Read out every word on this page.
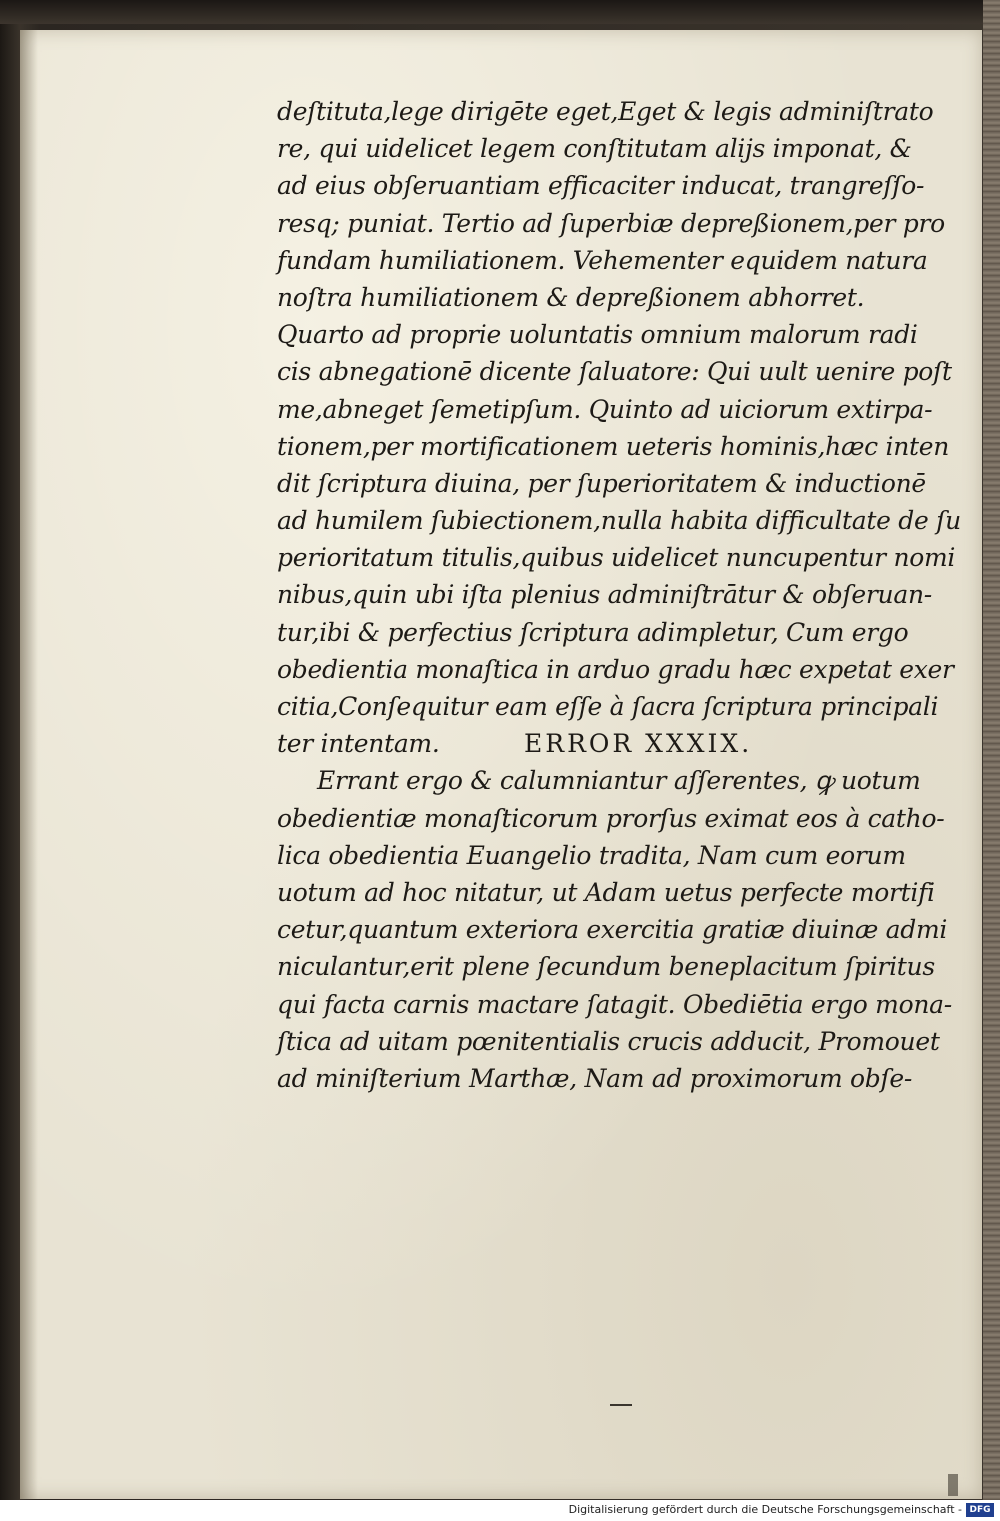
deſtituta,lege dirigēte eget,Eget & legis adminiſtrato
re, qui uidelicet legem conſtitutam alijs imponat, &
ad eius obſeruantiam efficaciter inducat, trangreſſo-
resq; puniat. Tertio ad ſuperbiæ depreßionem,per pro
fundam humiliationem. Vehementer equidem natura
noſtra humiliationem & depreßionem abhorret.
Quarto ad proprie uoluntatis omnium malorum radi
cis abnegationē dicente ſaluatore: Qui uult uenire poſt
me,abneget ſemetipſum. Quinto ad uiciorum extirpa-
tionem,per mortificationem ueteris hominis,hæc inten
dit ſcriptura diuina, per ſuperioritatem & inductionē
ad humilem ſubiectionem,nulla habita difficultate de ſu
perioritatum titulis,quibus uidelicet nuncupentur nomi
nibus,quin ubi iſta plenius adminiſtrātur & obſeruan-
tur,ibi & perfectius ſcriptura adimpletur, Cum ergo
obedientia monaſtica in arduo gradu hæc expetat exer
citia,Conſequitur eam eſſe à ſacra ſcriptura principali
ter intentam.	ERROR XXXIX.
Errant ergo & calumniantur aſſerentes, ꝙ uotum
obedientiæ monaſticorum prorſus eximat eos à catho-
lica obedientia Euangelio tradita, Nam cum eorum
uotum ad hoc nitatur, ut Adam uetus perfecte mortifi
cetur,quantum exteriora exercitia gratiæ diuinæ admi
niculantur,erit plene ſecundum beneplacitum ſpiritus
qui facta carnis mactare ſatagit. Obediētia ergo mona-
ſtica ad uitam pœnitentialis crucis adducit, Promouet
ad miniſterium Marthæ, Nam ad proximorum obſe-
Digitalisierung gefördert durch die Deutsche Forschungsgemeinschaft - DFG
